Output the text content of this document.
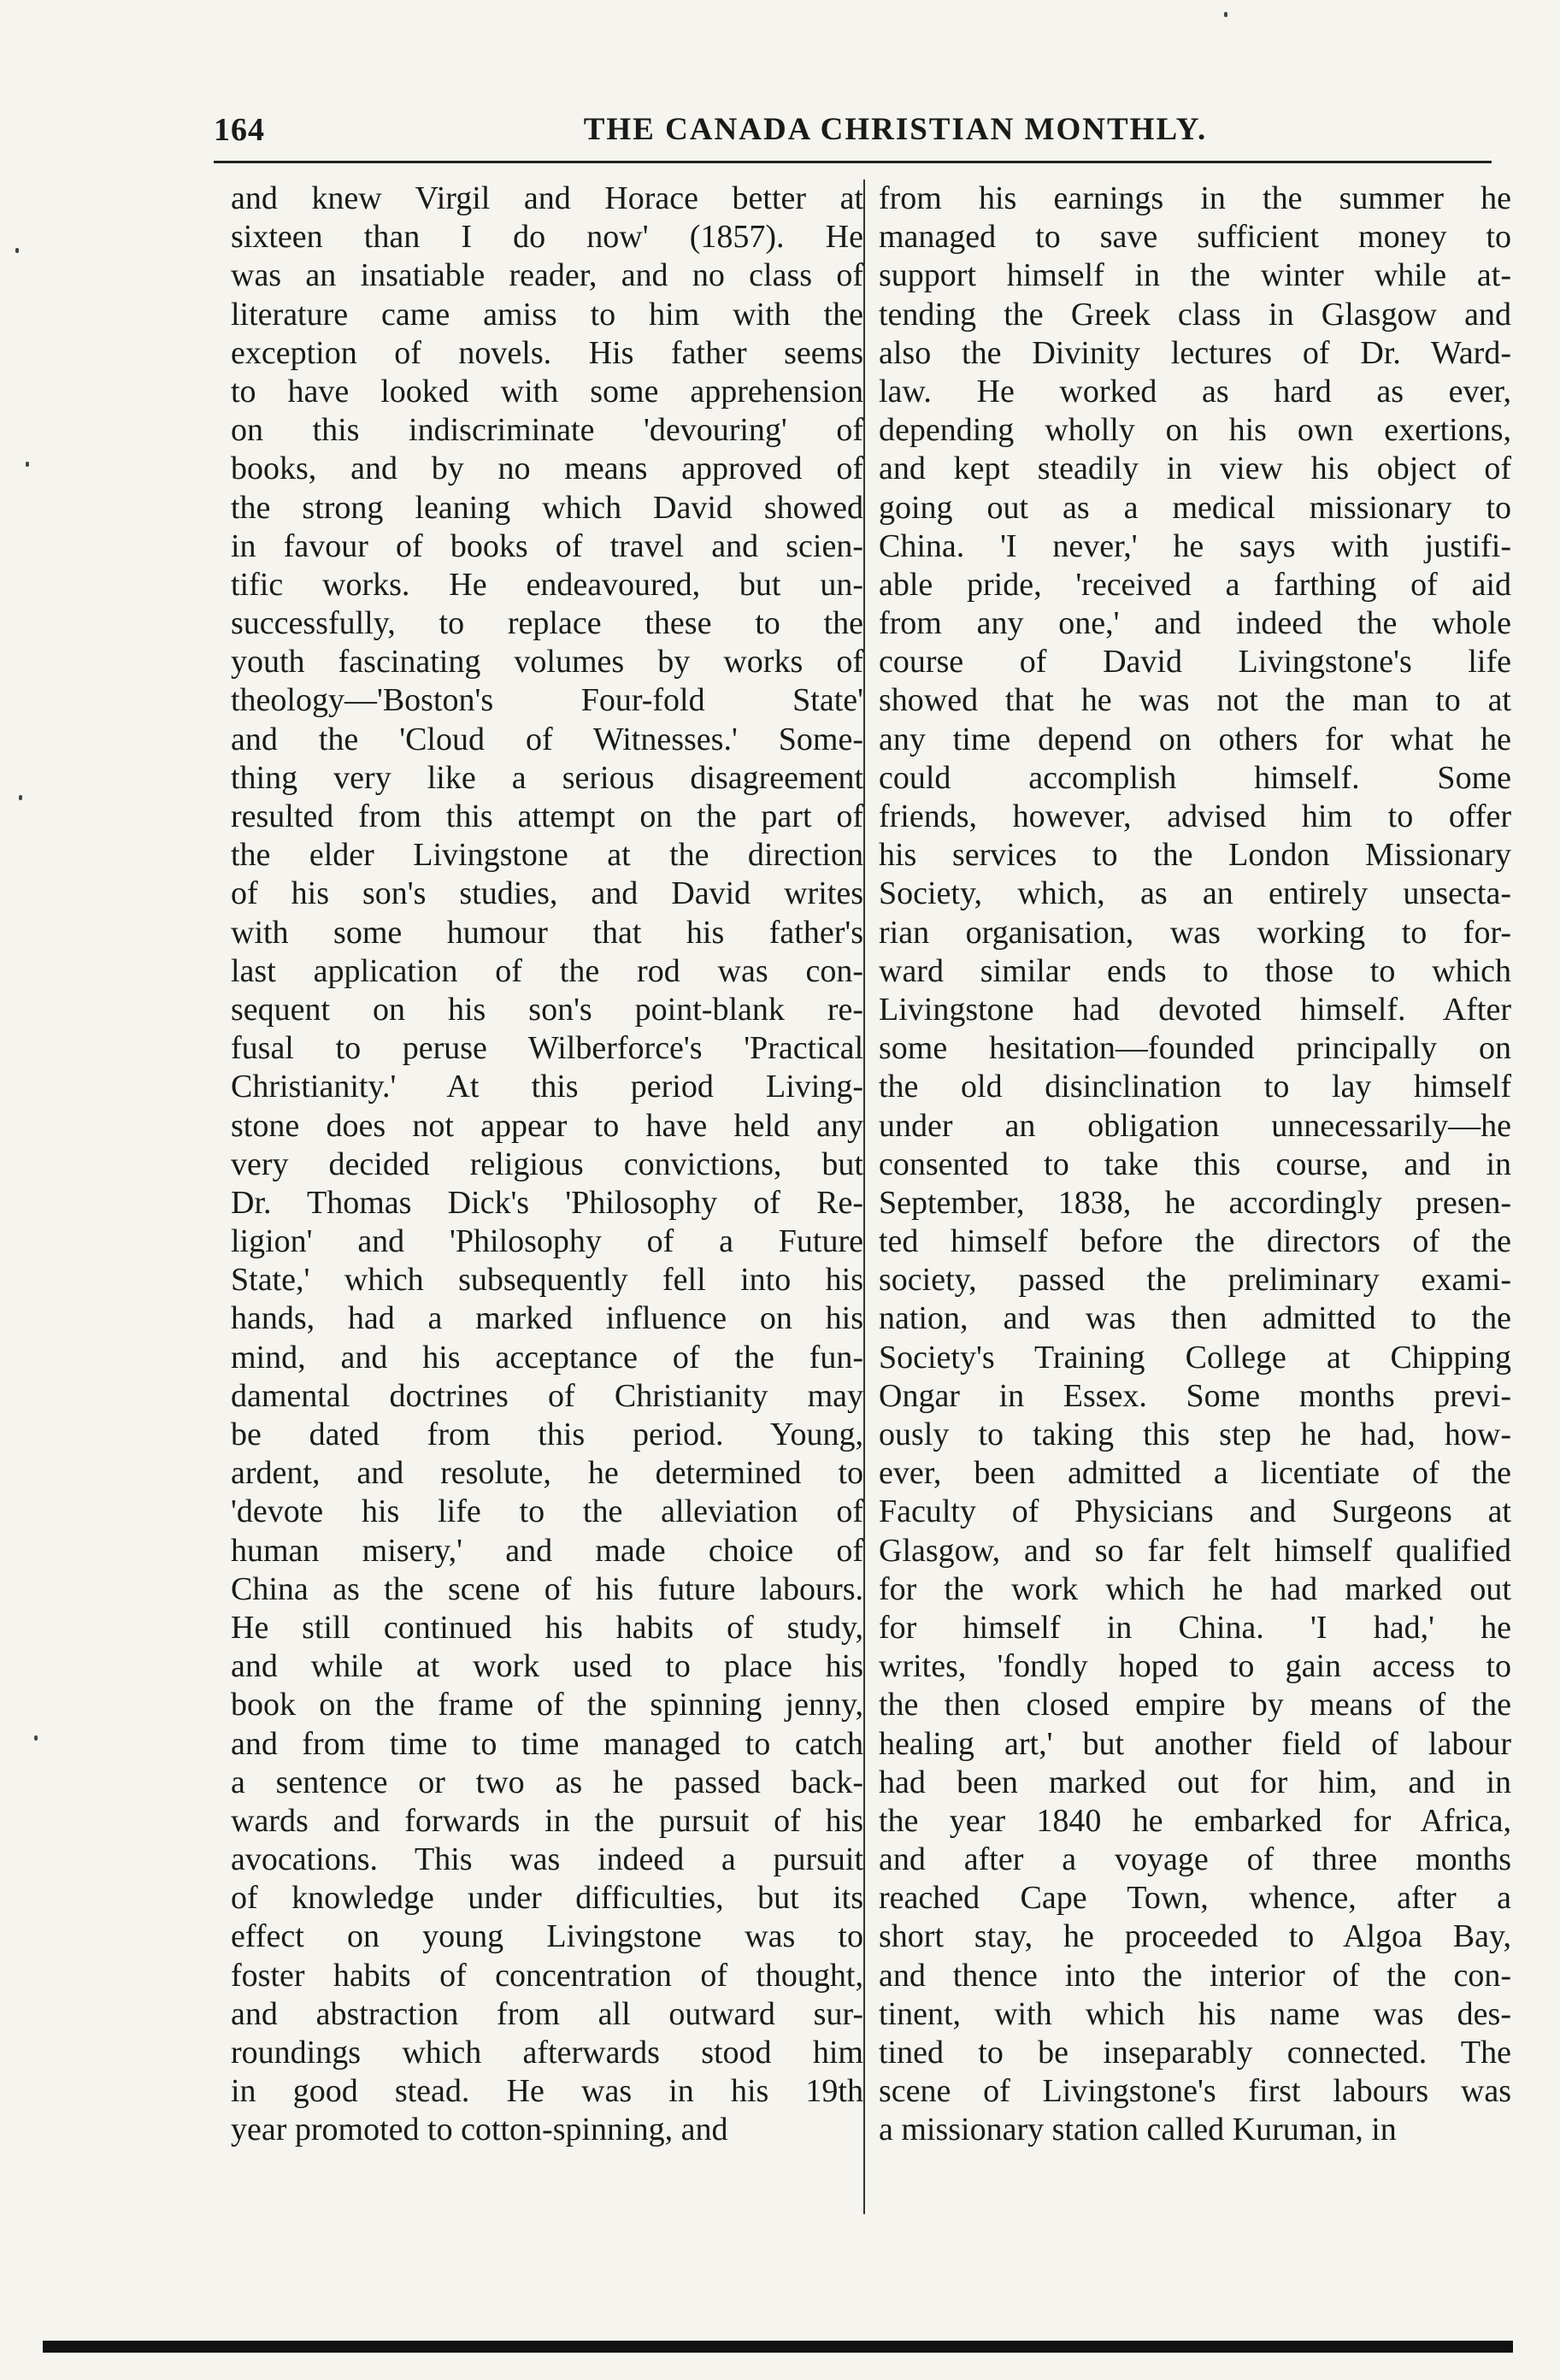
164	THE CANADA CHRISTIAN MONTHLY.
and knew Virgil and Horace better at
sixteen than I do now' (1857). He
was an insatiable reader, and no class of
literature came amiss to him with the
exception of novels. His father seems
to have looked with some apprehension
on this indiscriminate 'devouring' of
books, and by no means approved of
the strong leaning which David showed
in favour of books of travel and scien-
tific works. He endeavoured, but un-
successfully, to replace these to the
youth fascinating volumes by works of
theology—'Boston's Four-fold State'
and the 'Cloud of Witnesses.' Some-
thing very like a serious disagreement
resulted from this attempt on the part of
the elder Livingstone at the direction
of his son's studies, and David writes
with some humour that his father's
last application of the rod was con-
sequent on his son's point-blank re-
fusal to peruse Wilberforce's 'Practical
Christianity.' At this period Living-
stone does not appear to have held any
very decided religious convictions, but
Dr. Thomas Dick's 'Philosophy of Re-
ligion' and 'Philosophy of a Future
State,' which subsequently fell into his
hands, had a marked influence on his
mind, and his acceptance of the fun-
damental doctrines of Christianity may
be dated from this period. Young,
ardent, and resolute, he determined to
'devote his life to the alleviation of
human misery,' and made choice of
China as the scene of his future labours.
He still continued his habits of study,
and while at work used to place his
book on the frame of the spinning jenny,
and from time to time managed to catch
a sentence or two as he passed back-
wards and forwards in the pursuit of his
avocations. This was indeed a pursuit
of knowledge under difficulties, but its
effect on young Livingstone was to
foster habits of concentration of thought,
and abstraction from all outward sur-
roundings which afterwards stood him
in good stead. He was in his 19th
year promoted to cotton-spinning, and
from his earnings in the summer he
managed to save sufficient money to
support himself in the winter while at-
tending the Greek class in Glasgow and
also the Divinity lectures of Dr. Ward-
law. He worked as hard as ever,
depending wholly on his own exertions,
and kept steadily in view his object of
going out as a medical missionary to
China. 'I never,' he says with justifi-
able pride, 'received a farthing of aid
from any one,' and indeed the whole
course of David Livingstone's life
showed that he was not the man to at
any time depend on others for what he
could accomplish himself. Some
friends, however, advised him to offer
his services to the London Missionary
Society, which, as an entirely unsecta-
rian organisation, was working to for-
ward similar ends to those to which
Livingstone had devoted himself. After
some hesitation—founded principally on
the old disinclination to lay himself
under an obligation unnecessarily—he
consented to take this course, and in
September, 1838, he accordingly presen-
ted himself before the directors of the
society, passed the preliminary exami-
nation, and was then admitted to the
Society's Training College at Chipping
Ongar in Essex. Some months previ-
ously to taking this step he had, how-
ever, been admitted a licentiate of the
Faculty of Physicians and Surgeons at
Glasgow, and so far felt himself qualified
for the work which he had marked out
for himself in China. 'I had,' he
writes, 'fondly hoped to gain access to
the then closed empire by means of the
healing art,' but another field of labour
had been marked out for him, and in
the year 1840 he embarked for Africa,
and after a voyage of three months
reached Cape Town, whence, after a
short stay, he proceeded to Algoa Bay,
and thence into the interior of the con-
tinent, with which his name was des-
tined to be inseparably connected. The
scene of Livingstone's first labours was
a missionary station called Kuruman, in
